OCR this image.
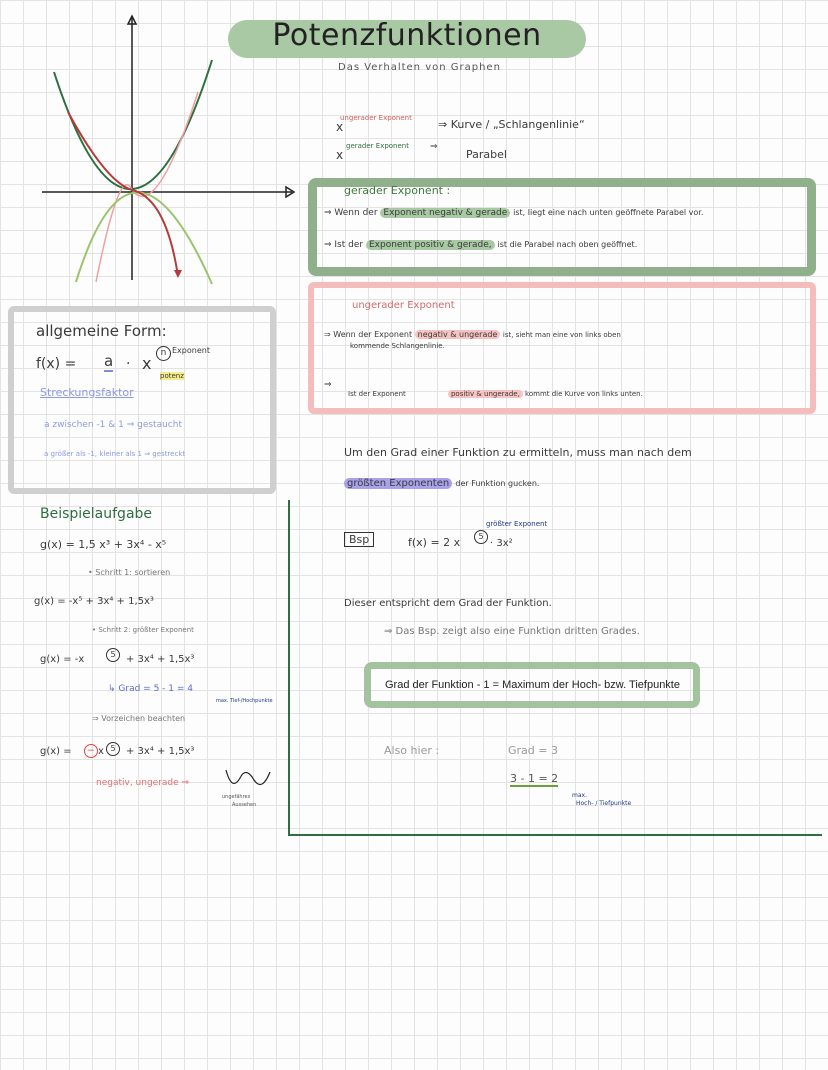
Potenzfunktionen
Das Verhalten von Graphen
ungerader Exponent
x	⇒ Kurve / „Schlangenlinie“
x
gerader Exponent ⇒
Parabel
gerader Exponent :
⇒ Wenn der Exponent negativ & gerade ist, liegt eine nach unten geöffnete Parabel vor.
⇒ Ist der Exponent positiv & gerade, ist die Parabel nach oben geöffnet.
ungerader Exponent
⇒ Wenn der Exponent negativ & ungerade ist, sieht man eine von links oben
kommende Schlangenlinie.
⇒
Ist der Exponent	positiv & ungerade, kommt die Kurve von links unten.
allgemeine Form:
f(x) = a · x
n Exponent
potenz
Streckungsfaktor
a zwischen -1 & 1 ⇒ gestaucht
a größer als -1, kleiner als 1 ⇒ gestreckt	Um den Grad einer Funktion zu ermitteln, muss man nach dem
größten Exponenten der Funktion gucken.
Bsp	f(x) = 2 x	5
· 3x²
größter Exponent
Dieser entspricht dem Grad der Funktion.
⇒ Das Bsp. zeigt also eine Funktion dritten Grades.
Grad der Funktion - 1 = Maximum der Hoch- bzw. Tiefpunkte
Also hier :	Grad = 3
3 - 1 = 2
max.
Hoch- / Tiefpunkte
Beispielaufgabe
g(x) = 1,5 x³ + 3x⁴ - x⁵
• Schritt 1: sortieren
g(x) = -x⁵ + 3x⁴ + 1,5x³
• Schritt 2: größter Exponent
g(x) = -x	5	+ 3x⁴ + 1,5x³
↳ Grad = 5 - 1 = 4
max. Tief-/Hochpunkte
⇒ Vorzeichen beachten
g(x) =	− x 5	+ 3x⁴ + 1,5x³
negativ, ungerade ⇒
ungefähres
Aussehen
